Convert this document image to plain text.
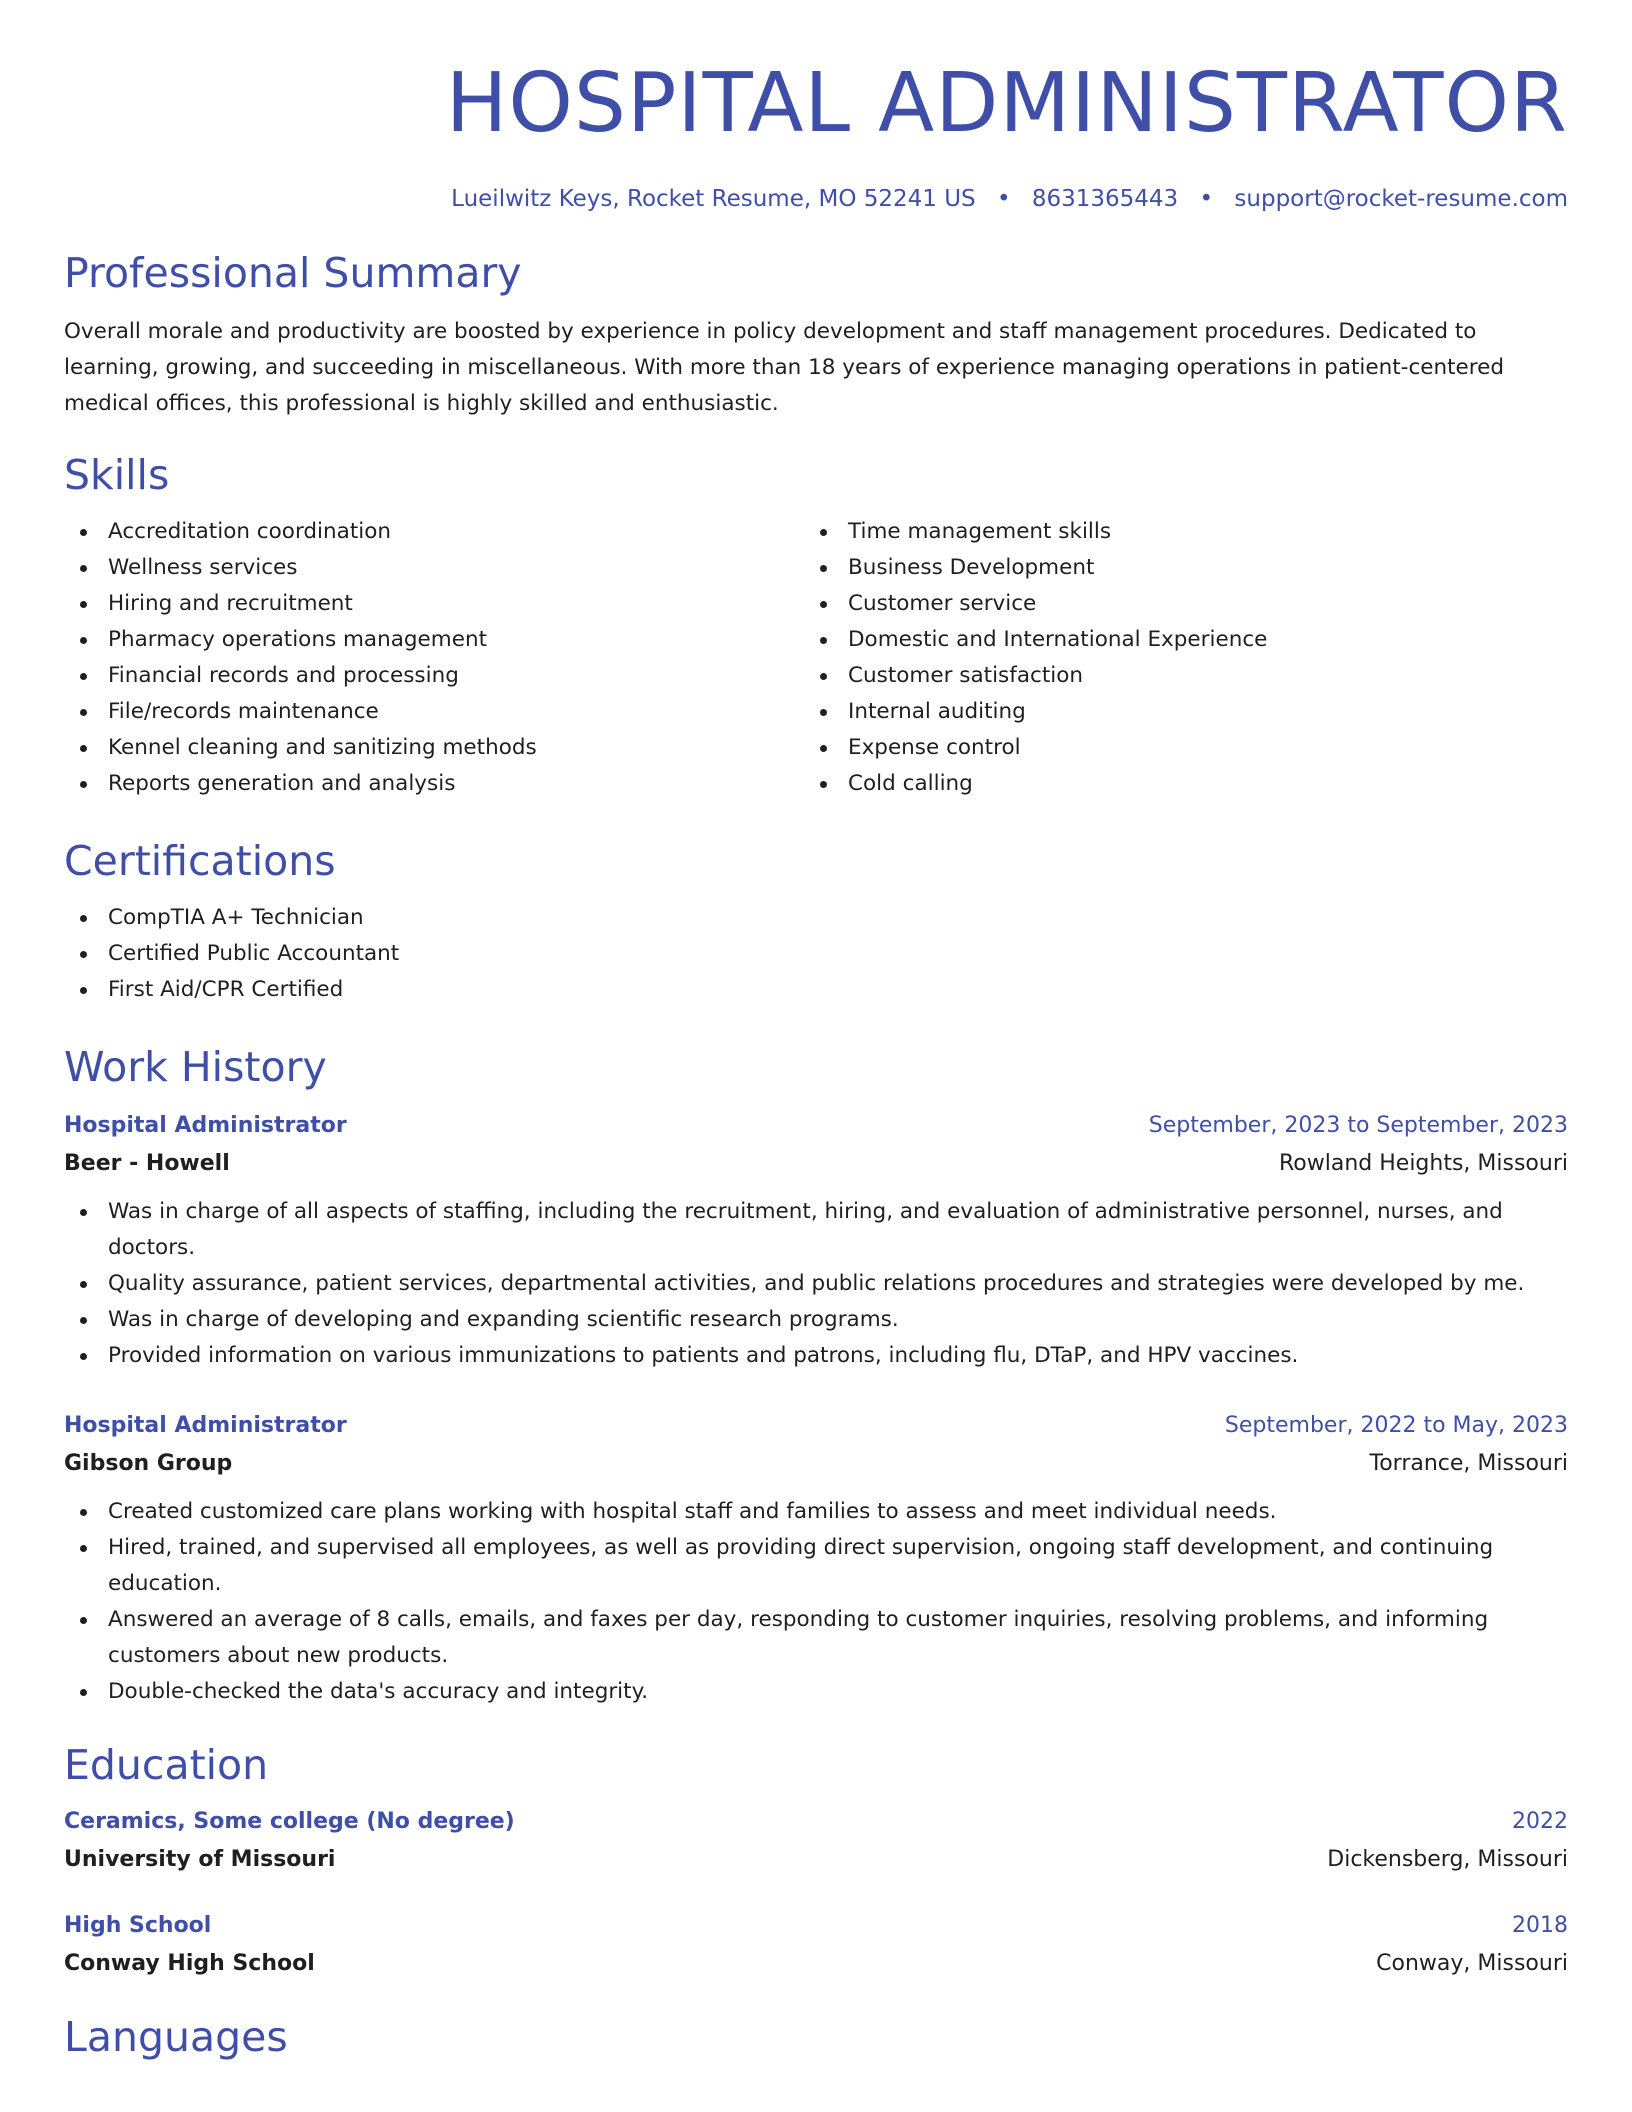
HOSPITAL ADMINISTRATOR
Lueilwitz Keys, Rocket Resume, MO 52241 US • 8631365443 • support@rocket-resume.com
Professional Summary

Overall morale and productivity are boosted by experience in policy development and staff management procedures. Dedicated to learning, growing, and succeeding in miscellaneous. With more than 18 years of experience managing operations in patient-centered medical offices, this professional is highly skilled and enthusiastic.

Skills
Accreditation coordination
Wellness services
Hiring and recruitment
Pharmacy operations management
Financial records and processing
File/records maintenance
Kennel cleaning and sanitizing methods
Reports generation and analysis
Time management skills
Business Development
Customer service
Domestic and International Experience
Customer satisfaction
Internal auditing
Expense control
Cold calling
Certifications
CompTIA A+ Technician
Certified Public Accountant
First Aid/CPR Certified
Work History
Hospital Administrator	September, 2023 to September, 2023
Beer - Howell	Rowland Heights, Missouri
Was in charge of all aspects of staffing, including the recruitment, hiring, and evaluation of administrative personnel, nurses, and doctors.
Quality assurance, patient services, departmental activities, and public relations procedures and strategies were developed by me.
Was in charge of developing and expanding scientific research programs.
Provided information on various immunizations to patients and patrons, including flu, DTaP, and HPV vaccines.
Hospital Administrator	September, 2022 to May, 2023
Gibson Group	Torrance, Missouri
Created customized care plans working with hospital staff and families to assess and meet individual needs.
Hired, trained, and supervised all employees, as well as providing direct supervision, ongoing staff development, and continuing education.
Answered an average of 8 calls, emails, and faxes per day, responding to customer inquiries, resolving problems, and informing customers about new products.
Double-checked the data's accuracy and integrity.
Education
Ceramics, Some college (No degree)	2022
University of Missouri	Dickensberg, Missouri
High School	2018
Conway High School	Conway, Missouri
Languages
